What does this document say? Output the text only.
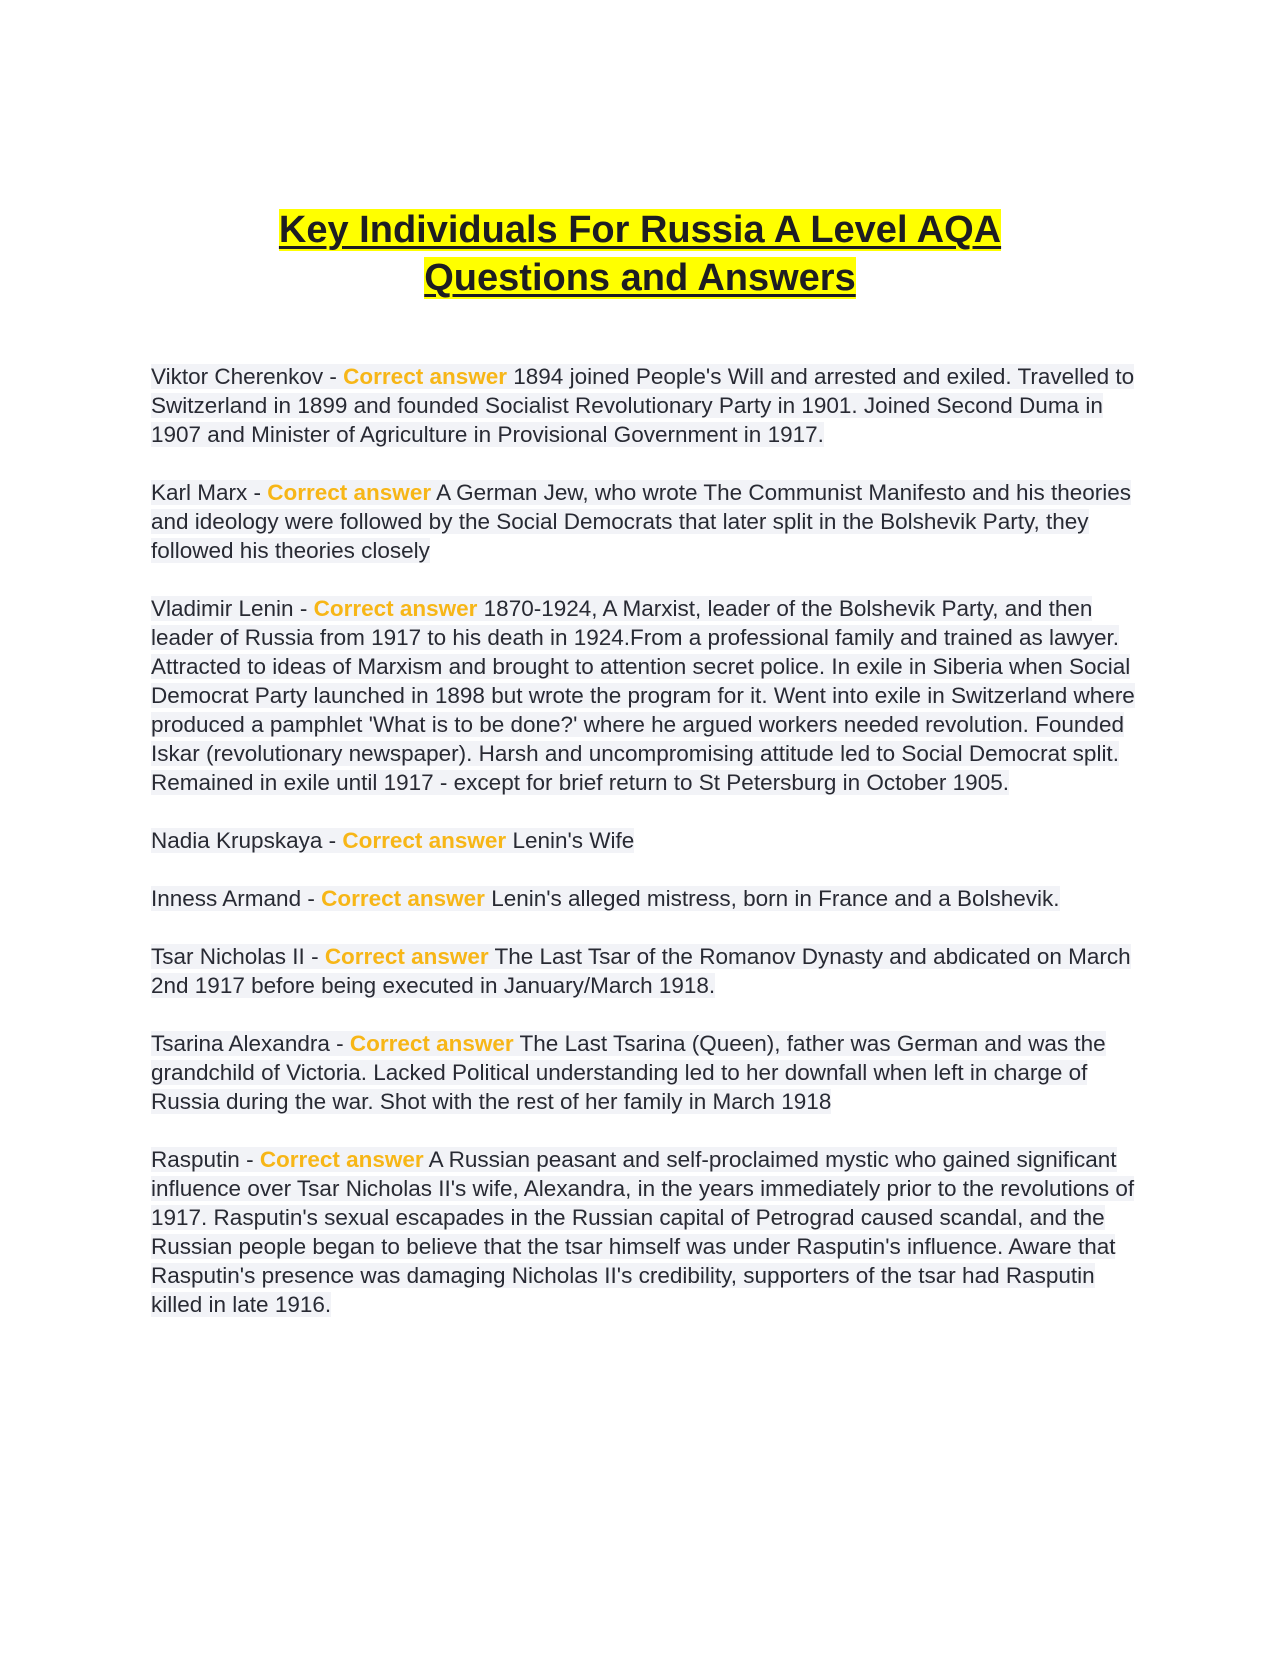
Key Individuals For Russia A Level AQA
Questions and Answers

Viktor Cherenkov - Correct answer 1894 joined People's Will and arrested and exiled. Travelled to Switzerland in 1899 and founded Socialist Revolutionary Party in 1901. Joined Second Duma in 1907 and Minister of Agriculture in Provisional Government in 1917.

Karl Marx - Correct answer A German Jew, who wrote The Communist Manifesto and his theories and ideology were followed by the Social Democrats that later split in the Bolshevik Party, they followed his theories closely

Vladimir Lenin - Correct answer 1870-1924, A Marxist, leader of the Bolshevik Party, and then leader of Russia from 1917 to his death in 1924.From a professional family and trained as lawyer. Attracted to ideas of Marxism and brought to attention secret police. In exile in Siberia when Social Democrat Party launched in 1898 but wrote the program for it. Went into exile in Switzerland where produced a pamphlet 'What is to be done?' where he argued workers needed revolution. Founded Iskar (revolutionary newspaper). Harsh and uncompromising attitude led to Social Democrat split. Remained in exile until 1917 - except for brief return to St Petersburg in October 1905.

Nadia Krupskaya - Correct answer Lenin's Wife

Inness Armand - Correct answer Lenin's alleged mistress, born in France and a Bolshevik.

Tsar Nicholas II - Correct answer The Last Tsar of the Romanov Dynasty and abdicated on March 2nd 1917 before being executed in January/March 1918.

Tsarina Alexandra - Correct answer The Last Tsarina (Queen), father was German and was the grandchild of Victoria. Lacked Political understanding led to her downfall when left in charge of Russia during the war. Shot with the rest of her family in March 1918

Rasputin - Correct answer A Russian peasant and self-proclaimed mystic who gained significant influence over Tsar Nicholas II's wife, Alexandra, in the years immediately prior to the revolutions of 1917. Rasputin's sexual escapades in the Russian capital of Petrograd caused scandal, and the Russian people began to believe that the tsar himself was under Rasputin's influence. Aware that Rasputin's presence was damaging Nicholas II's credibility, supporters of the tsar had Rasputin killed in late 1916.
